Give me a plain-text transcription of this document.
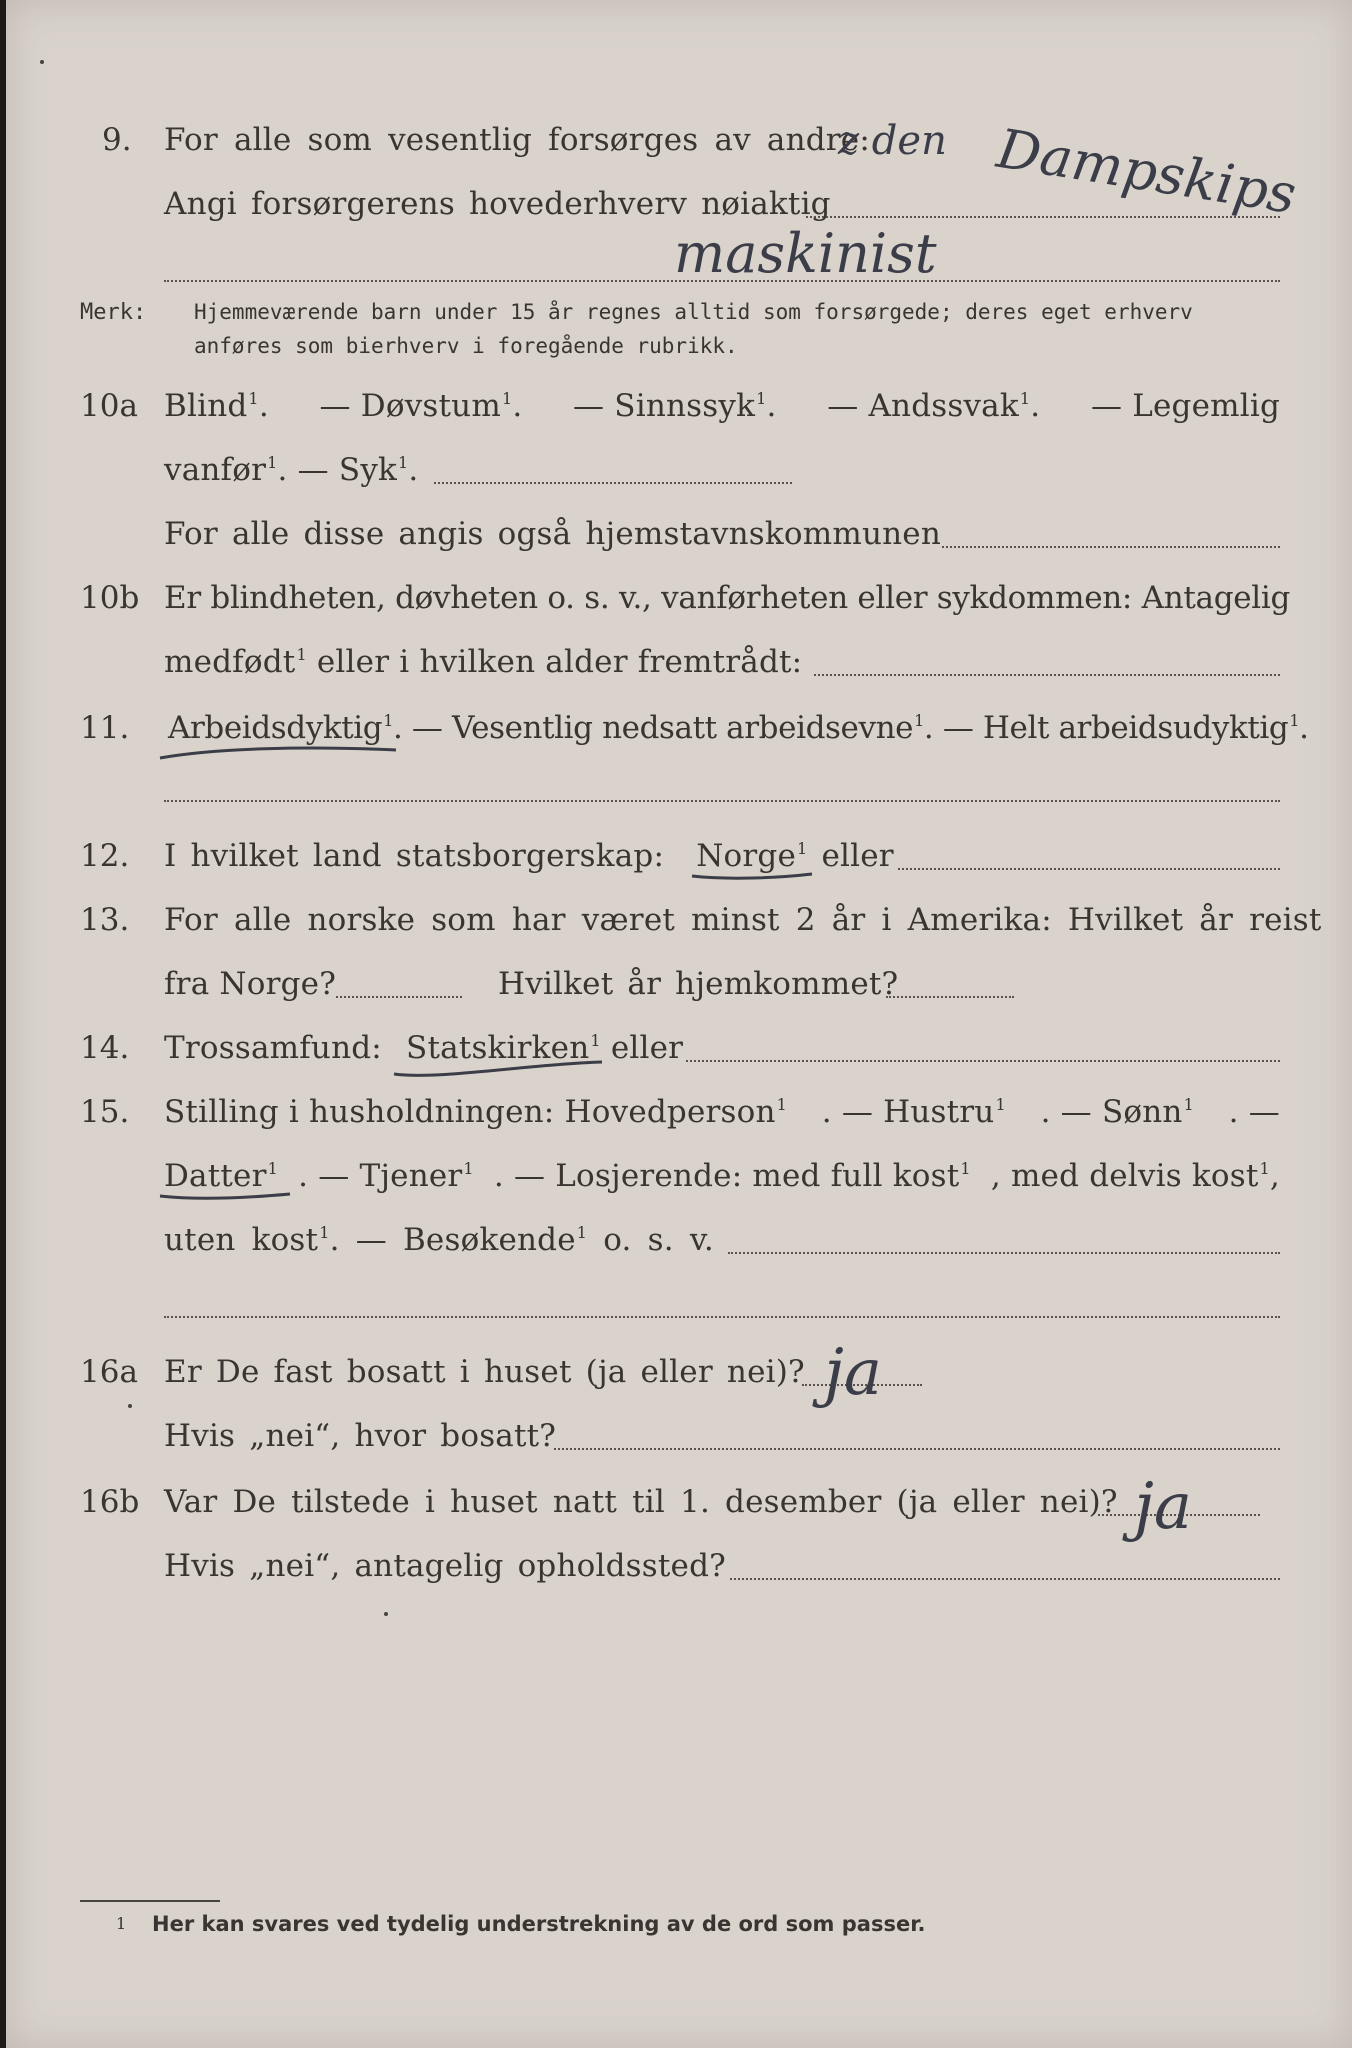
9. For alle som vesentlig forsørges av andre:
Angi forsørgerens hovederhverv nøiaktig
z den Dampskips
maskinist
Merk: Hjemmeværende barn under 15 år regnes alltid som forsørgede; deres eget erhverv
anføres som bierhverv i foregående rubrikk.
10a Blind$^1$. — Døvstum$^1$. — Sinnssyk$^1$. — Andssvak$^1$. — Legemlig
vanfør$^1$. — Syk$^1$.
For alle disse angis også hjemstavnskommunen
10b Er blindheten, døvheten o. s. v., vanførheten eller sykdommen: Antagelig
medfødt$^1$ eller i hvilken alder fremtrådt:
11. Arbeidsdyktig$^1$. — Vesentlig nedsatt arbeidsevne$^1$. — Helt arbeidsudyktig$^1$.
12. I hvilket land statsborgerskap: Norge$^1$ eller
13. For alle norske som har været minst 2 år i Amerika: Hvilket år reist
fra Norge?	Hvilket år hjemkommet?
14. Trossamfund: Statskirken$^1$ eller
15. Stilling i husholdningen: Hovedperson$^1$ . — Hustru$^1$ . — Sønn$^1$ . —
Datter$^1$ . — Tjener$^1$ . — Losjerende: med full kost$^1$ , med delvis kost$^1$,
uten kost$^1$. — Besøkende$^1$ o. s. v.
16a Er De fast bosatt i huset (ja eller nei)? ja
Hvis „nei“, hvor bosatt?
16b Var De tilstede i huset natt til 1. desember (ja eller nei)? ja
Hvis „nei“, antagelig opholdssted?
1 Her kan svares ved tydelig understrekning av de ord som passer.
